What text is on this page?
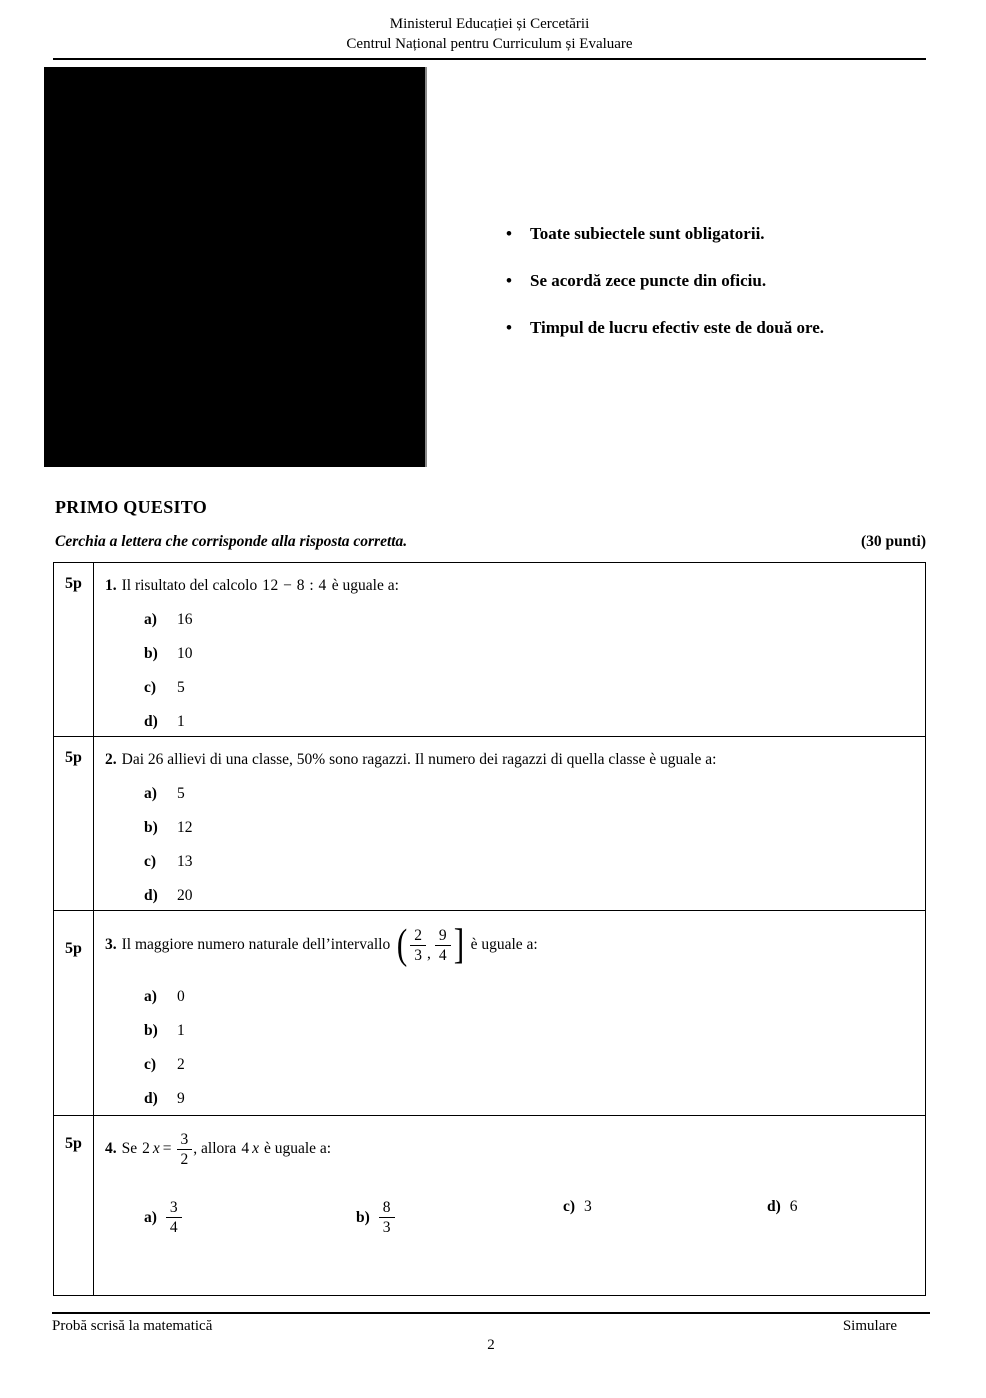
Ministerul Educației și Cercetării
Centrul Național pentru Curriculum și Evaluare
• Toate subiectele sunt obligatorii.
• Se acordă zece puncte din oficiu.
• Timpul de lucru efectiv este de două ore.
PRIMO QUESITO
Cerchia a lettera che corrisponde alla risposta corretta.	(30 punti)
5p	1. Il risultato del calcolo 12 − 8 : 4 è uguale a:
a)	16
b)	10
c)	5
d)	1
5p	2. Dai 26 allievi di una classe, 50% sono ragazzi. Il numero dei ragazzi di quella classe è uguale a:
a)	5
b)	12
c)	13
d)	20
5p	3. Il maggiore numero naturale dell’intervallo ( $\frac{2}{3}$ , $\frac{9}{4}$ ] è uguale a:
a)	0
b)	1
c)	2
d)	9
5p	4. Se 2 $x = \frac{3}{2}$ , allora 4 x è uguale a:
$a) \frac{3}{4}$	$b) \frac{8}{3}$	c) 3	d) 6
Probă scrisă la matematică	Simulare
2
